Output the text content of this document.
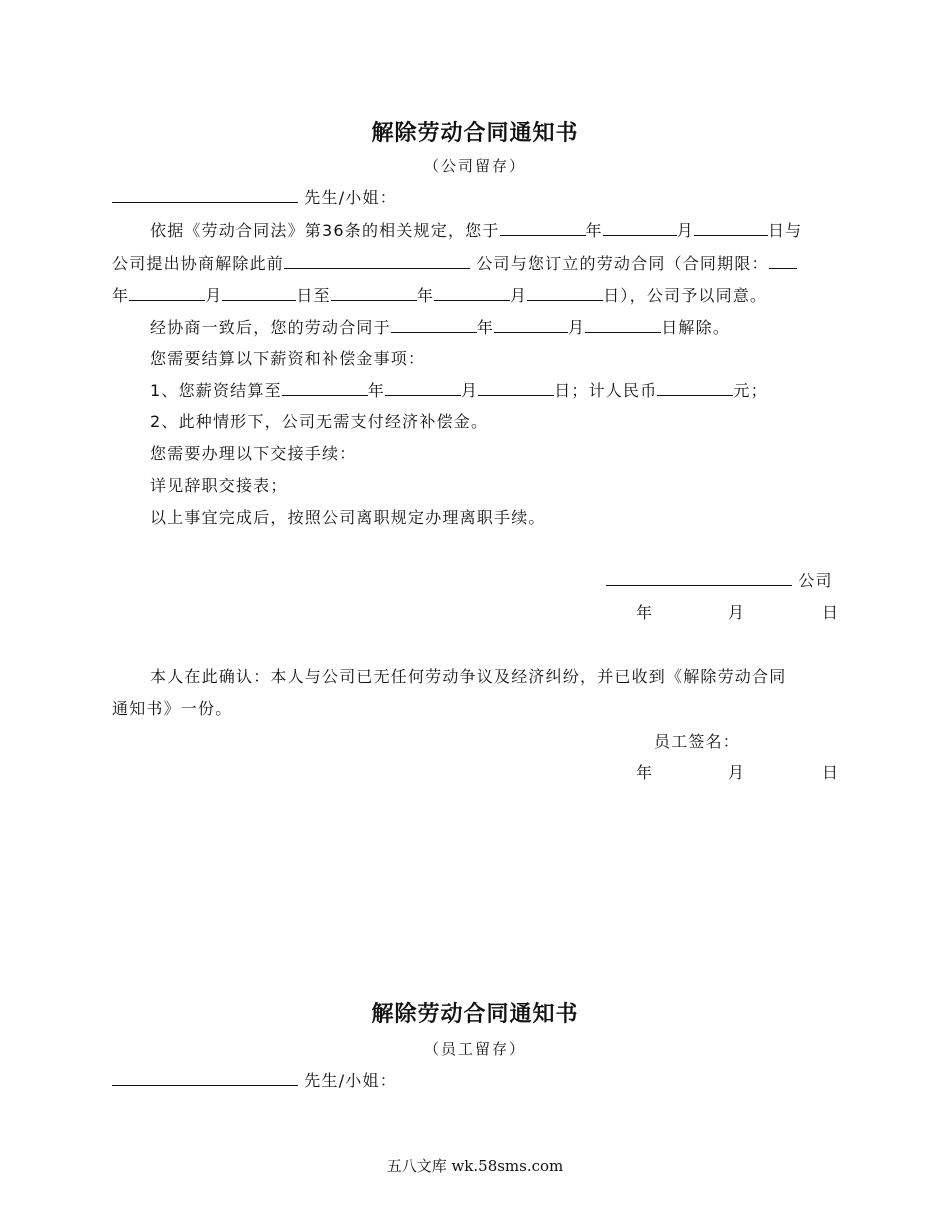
解除劳动合同通知书
（公司留存）
先生/小姐：
依据《劳动合同法》第36条的相关规定，您于	年	月	日与
公司提出协商解除此前	公司与您订立的劳动合同（合同期限：
年	月	日至	年	月	日），公司予以同意。
经协商一致后，您的劳动合同于	年	月	日解除。
您需要结算以下薪资和补偿金事项：
1、您薪资结算至	年	月	日；计人民币	元；
2、此种情形下，公司无需支付经济补偿金。
您需要办理以下交接手续：
详见辞职交接表；
以上事宜完成后，按照公司离职规定办理离职手续。
公司
年	月	日
本人在此确认：本人与公司已无任何劳动争议及经济纠纷，并已收到《解除劳动合同
通知书》一份。
员工签名：
年	月	日
解除劳动合同通知书
（员工留存）
先生/小姐：
五八文库 wk.58sms.com
